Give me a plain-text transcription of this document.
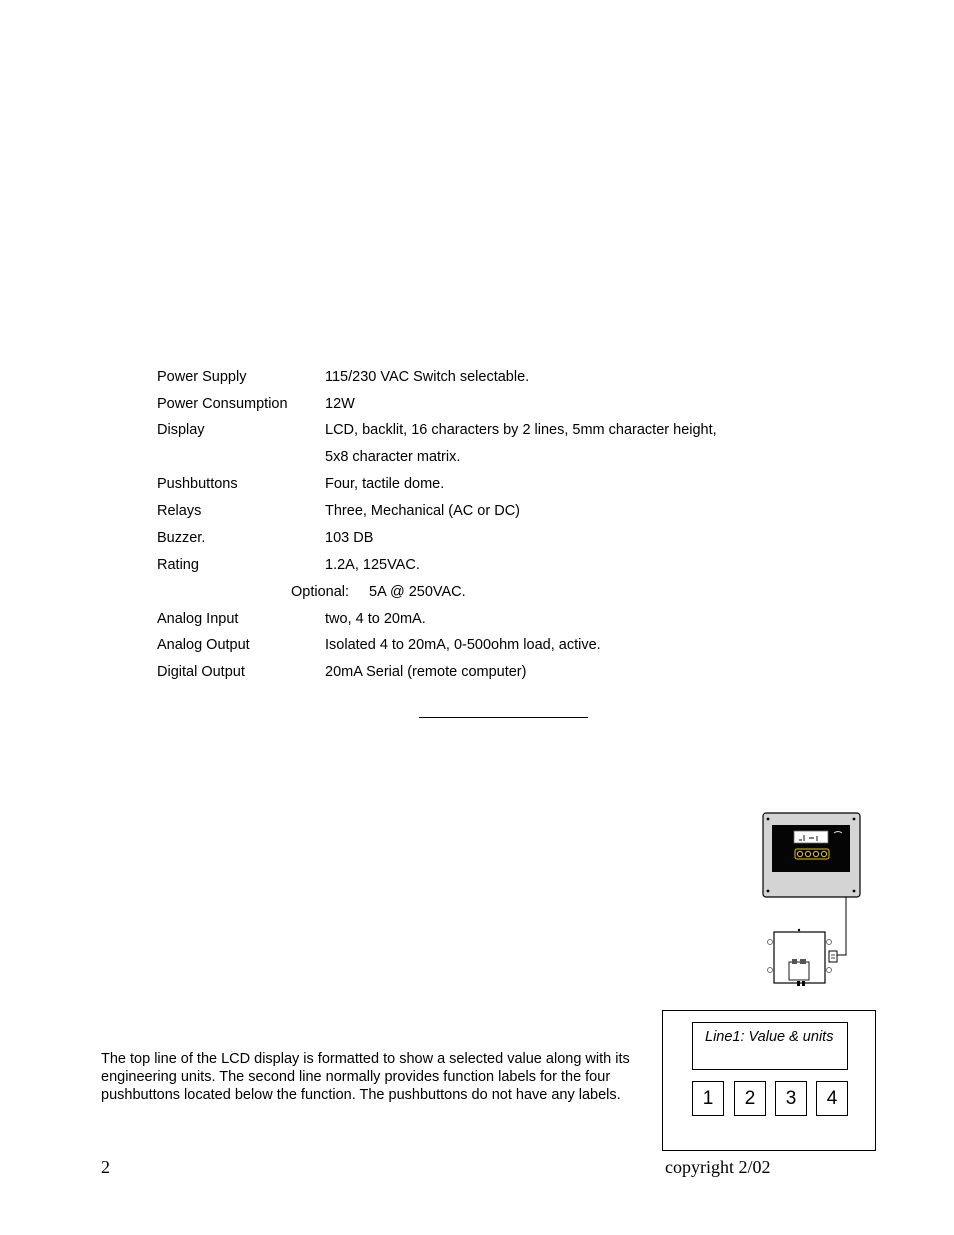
Power Supply	115/230 VAC Switch selectable.
Power Consumption	12W
Display	LCD, backlit, 16 characters by 2 lines, 5mm character height,
5x8 character matrix.
Pushbuttons	Four, tactile dome.
Relays	Three, Mechanical (AC or DC)
Buzzer.	103 DB
Rating	1.2A, 125VAC.
Optional: 5A @ 250VAC.
Analog Input	two, 4 to 20mA.
Analog Output	Isolated 4 to 20mA, 0-500ohm load, active.
Digital Output	20mA Serial (remote computer)
The top line of the LCD display is formatted to show a selected value along with its engineering units. The second line normally provides function labels for the four pushbuttons located below the function. The pushbuttons do not have any labels.
Line1: Value & units
1	2	3	4
2	copyright 2/02
